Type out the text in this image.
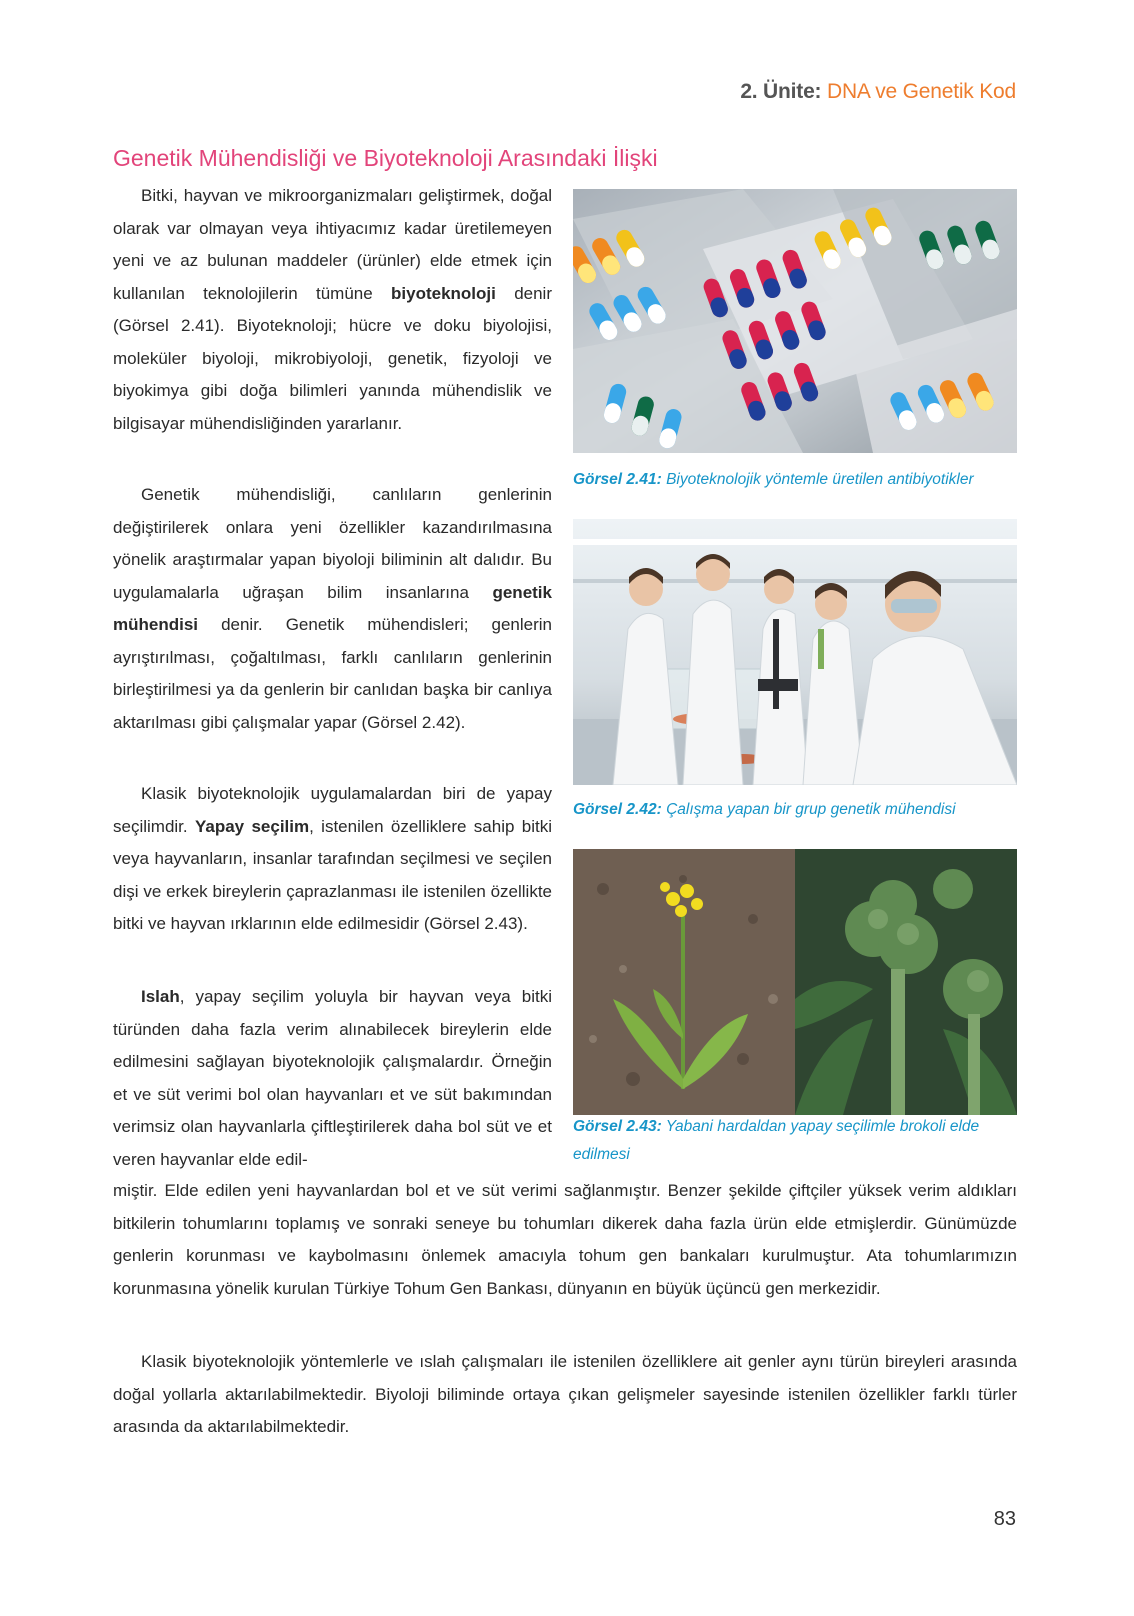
2. Ünite: DNA ve Genetik Kod
Genetik Mühendisliği ve Biyoteknoloji Arasındaki İlişki

Bitki, hayvan ve mikroorganizmaları geliştirmek, doğal olarak var olmayan veya ihtiyacımız kadar üretilemeyen yeni ve az bulunan maddeler (ürünler) elde etmek için kullanılan teknolojilerin tümüne biyoteknoloji denir (Görsel 2.41). Biyoteknoloji; hücre ve doku biyolojisi, moleküler biyoloji, mikrobiyoloji, genetik, fizyoloji ve biyokimya gibi doğa bilimleri yanında mühendislik ve bilgisayar mühendisliğinden yararlanır.

Genetik mühendisliği, canlıların genlerinin değiştirilerek onlara yeni özellikler kazandırılmasına yönelik araştırmalar yapan biyoloji biliminin alt dalıdır. Bu uygulamalarla uğraşan bilim insanlarına genetik mühendisi denir. Genetik mühendisleri; genlerin ayrıştırılması, çoğaltılması, farklı canlıların genlerinin birleştirilmesi ya da genlerin bir canlıdan başka bir canlıya aktarılması gibi çalışmalar yapar (Görsel 2.42).

Klasik biyoteknolojik uygulamalardan biri de yapay seçilimdir. Yapay seçilim, istenilen özelliklere sahip bitki veya hayvanların, insanlar tarafından seçilmesi ve seçilen dişi ve erkek bireylerin çaprazlanması ile istenilen özellikte bitki ve hayvan ırklarının elde edilmesidir (Görsel 2.43).

Islah, yapay seçilim yoluyla bir hayvan veya bitki türünden daha fazla verim alınabilecek bireylerin elde edilmesini sağlayan biyoteknolojik çalışmalardır. Örneğin et ve süt verimi bol olan hayvanları et ve süt bakımından verimsiz olan hayvanlarla çiftleştirilerek daha bol süt ve et veren hayvanlar elde edil-

miştir. Elde edilen yeni hayvanlardan bol et ve süt verimi sağlanmıştır. Benzer şekilde çiftçiler yüksek verim aldıkları bitkilerin tohumlarını toplamış ve sonraki seneye bu tohumları dikerek daha fazla ürün elde etmişlerdir. Günümüzde genlerin korunması ve kaybolmasını önlemek amacıyla tohum gen bankaları kurulmuştur. Ata tohumlarımızın korunmasına yönelik kurulan Türkiye Tohum Gen Bankası, dünyanın en büyük üçüncü gen merkezidir.

Klasik biyoteknolojik yöntemlerle ve ıslah çalışmaları ile istenilen özelliklere ait genler aynı türün bireyleri arasında doğal yollarla aktarılabilmektedir. Biyoloji biliminde ortaya çıkan gelişmeler sayesinde istenilen özellikler farklı türler arasında da aktarılabilmektedir.

Görsel 2.41: Biyoteknolojik yöntemle üretilen antibiyotikler
Görsel 2.42: Çalışma yapan bir grup genetik mühendisi
Görsel 2.43: Yabani hardaldan yapay seçilimle brokoli elde edilmesi
83
